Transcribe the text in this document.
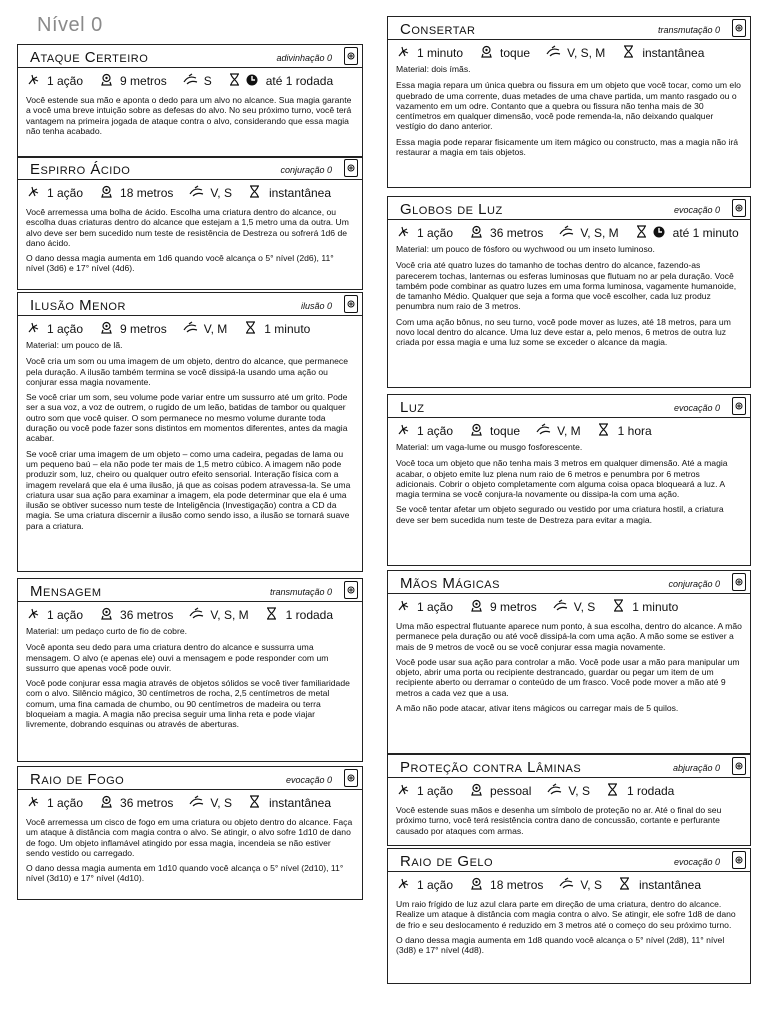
Nível 0
Ataque Certeiro	adivinhação 0
1 ação	9 metros	S	até 1 rodada

Você estende sua mão e aponta o dedo para um alvo no alcance. Sua magia garante a você uma breve intuição sobre as defesas do alvo. No seu próximo turno, você terá vantagem na primeira jogada de ataque contra o alvo, considerando que essa magia não tenha acabado.

Espirro Ácido	conjuração 0
1 ação	18 metros	V, S	instantânea

Você arremessa uma bolha de ácido. Escolha uma criatura dentro do alcance, ou escolha duas criaturas dentro do alcance que estejam a 1,5 metro uma da outra. Um alvo deve ser bem sucedido num teste de resistência de Destreza ou sofrerá 1d6 de dano ácido.

O dano dessa magia aumenta em 1d6 quando você alcança o 5° nível (2d6), 11° nível (3d6) e 17° nível (4d6).

Ilusão Menor	ilusão 0
1 ação	9 metros	V, M	1 minuto
Material: um pouco de lã.

Você cria um som ou uma imagem de um objeto, dentro do alcance, que permanece pela duração. A ilusão também termina se você dissipá-la usando uma ação ou conjurar essa magia novamente.

Se você criar um som, seu volume pode variar entre um sussurro até um grito. Pode ser a sua voz, a voz de outrem, o rugido de um leão, batidas de tambor ou qualquer outro som que você quiser. O som permanece no mesmo volume durante toda duração ou você pode fazer sons distintos em momentos diferentes, antes da magia acabar.

Se você criar uma imagem de um objeto – como uma cadeira, pegadas de lama ou um pequeno baú – ela não pode ter mais de 1,5 metro cúbico. A imagem não pode produzir som, luz, cheiro ou qualquer outro efeito sensorial. Interação física com a imagem revelará que ela é uma ilusão, já que as coisas podem atravessa-la. Se uma criatura usar sua ação para examinar a imagem, ela pode determinar que ela é uma ilusão se obtiver sucesso num teste de Inteligência (Investigação) contra a CD da magia. Se uma criatura discernir a ilusão como sendo isso, a ilusão se tornará suave para a criatura.

Mensagem	transmutação 0
1 ação	36 metros	V, S, M	1 rodada
Material: um pedaço curto de fio de cobre.

Você aponta seu dedo para uma criatura dentro do alcance e sussurra uma mensagem. O alvo (e apenas ele) ouvi a mensagem e pode responder com um sussurro que apenas você pode ouvir.

Você pode conjurar essa magia através de objetos sólidos se você tiver familiaridade com o alvo. Silêncio mágico, 30 centímetros de rocha, 2,5 centímetros de metal comum, uma fina camada de chumbo, ou 90 centímetros de madeira ou terra bloqueiam a magia. A magia não precisa seguir uma linha reta e pode viajar livremente, dobrando esquinas ou através de aberturas.

Raio de Fogo	evocação 0
1 ação	36 metros	V, S	instantânea

Você arremessa um cisco de fogo em uma criatura ou objeto dentro do alcance. Faça um ataque à distância com magia contra o alvo. Se atingir, o alvo sofre 1d10 de dano de fogo. Um objeto inflamável atingido por essa magia, incendeia se não estiver sendo vestido ou carregado.

O dano dessa magia aumenta em 1d10 quando você alcança o 5° nível (2d10), 11° nível (3d10) e 17° nível (4d10).

Consertar	transmutação 0
1 minuto	toque	V, S, M	instantânea
Material: dois ímãs.

Essa magia repara um única quebra ou fissura em um objeto que você tocar, como um elo quebrado de uma corrente, duas metades de uma chave partida, um manto rasgado ou o vazamento em um odre. Contanto que a quebra ou fissura não tenha mais de 30 centímetros em qualquer dimensão, você pode remenda-la, não deixando qualquer vestígio do dano anterior.

Essa magia pode reparar fisicamente um item mágico ou constructo, mas a magia não irá restaurar a magia em tais objetos.

Globos de Luz	evocação 0
1 ação	36 metros	V, S, M	até 1 minuto
Material: um pouco de fósforo ou wychwood ou um inseto luminoso.

Você cria até quatro luzes do tamanho de tochas dentro do alcance, fazendo-as parecerem tochas, lanternas ou esferas luminosas que flutuam no ar pela duração. Você também pode combinar as quatro luzes em uma forma luminosa, vagamente humanoide, de tamanho Médio. Qualquer que seja a forma que você escolher, cada luz produz penumbra num raio de 3 metros.

Com uma ação bônus, no seu turno, você pode mover as luzes, até 18 metros, para um novo local dentro do alcance. Uma luz deve estar a, pelo menos, 6 metros de outra luz criada por essa magia e uma luz some se exceder o alcance da magia.

Luz	evocação 0
1 ação	toque	V, M	1 hora
Material: um vaga-lume ou musgo fosforescente.

Você toca um objeto que não tenha mais 3 metros em qualquer dimensão. Até a magia acabar, o objeto emite luz plena num raio de 6 metros e penumbra por 6 metros adicionais. Cobrir o objeto completamente com alguma coisa opaca bloqueará a luz. A magia termina se você conjura-la novamente ou dissipa-la com uma ação.

Se você tentar afetar um objeto segurado ou vestido por uma criatura hostil, a criatura deve ser bem sucedida num teste de Destreza para evitar a magia.

Mãos Mágicas	conjuração 0
1 ação	9 metros	V, S	1 minuto

Uma mão espectral flutuante aparece num ponto, à sua escolha, dentro do alcance. A mão permanece pela duração ou até você dissipá-la com uma ação. A mão some se estiver a mais de 9 metros de você ou se você conjurar essa magia novamente.

Você pode usar sua ação para controlar a mão. Você pode usar a mão para manipular um objeto, abrir uma porta ou recipiente destrancado, guardar ou pegar um item de um recipiente aberto ou derramar o conteúdo de um frasco. Você pode mover a mão até 9 metros a cada vez que a usa.

A mão não pode atacar, ativar itens mágicos ou carregar mais de 5 quilos.

Proteção contra Lâminas	abjuração 0
1 ação	pessoal	V, S	1 rodada

Você estende suas mãos e desenha um símbolo de proteção no ar. Até o final do seu próximo turno, você terá resistência contra dano de concussão, cortante e perfurante causado por ataques com armas.

Raio de Gelo	evocação 0
1 ação	18 metros	V, S	instantânea

Um raio frígido de luz azul clara parte em direção de uma criatura, dentro do alcance. Realize um ataque à distância com magia contra o alvo. Se atingir, ele sofre 1d8 de dano de frio e seu deslocamento é reduzido em 3 metros até o começo do seu próximo turno.

O dano dessa magia aumenta em 1d8 quando você alcança o 5° nível (2d8), 11° nível (3d8) e 17° nível (4d8).
